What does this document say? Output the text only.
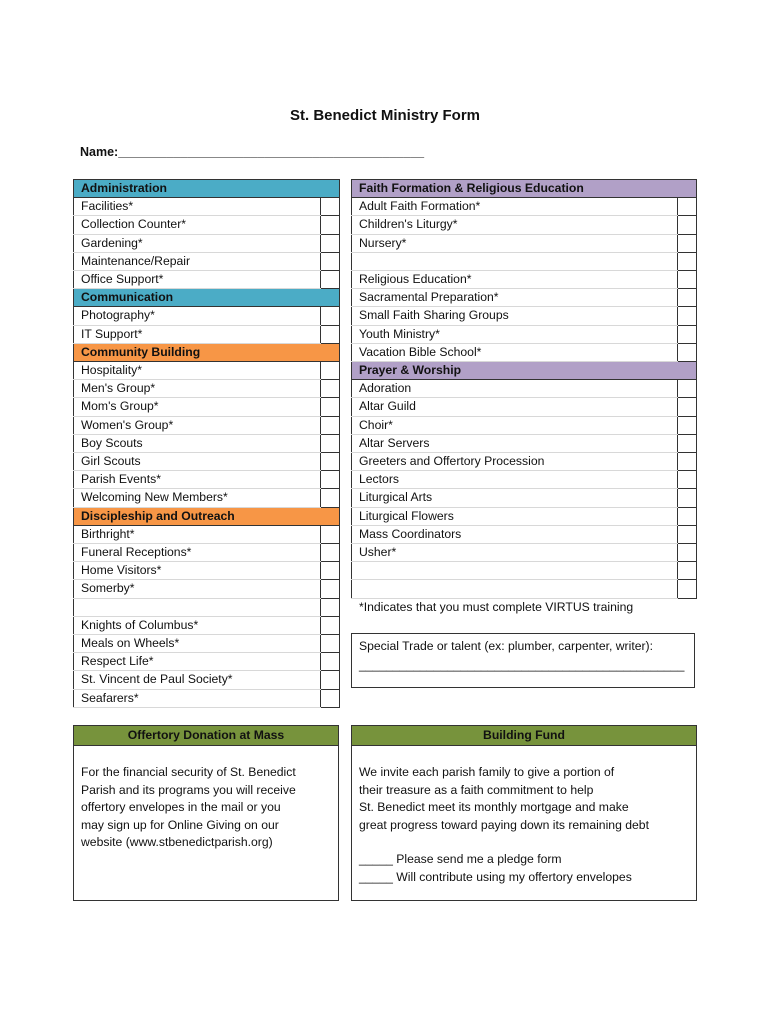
St. Benedict Ministry Form
Name:____________________________________________
Administration	
Facilities*	
Collection Counter*	
Gardening*	
Maintenance/Repair	
Office Support*	
Communication	
Photography*	
IT Support*	
Community Building	
Hospitality*	
Men's Group*	
Mom's Group*	
Women's Group*	
Boy Scouts	
Girl Scouts	
Parish Events*	
Welcoming New Members*	
Discipleship and Outreach	
Birthright*	
Funeral Receptions*	
Home Visitors*	
Somerby*	

Knights of Columbus*	
Meals on Wheels*	
Respect Life*	
St. Vincent de Paul Society*	
Seafarers*	
Faith Formation & Religious Education	
Adult Faith Formation*	
Children's Liturgy*	
Nursery*	

Religious Education*	
Sacramental Preparation*	
Small Faith Sharing Groups	
Youth Ministry*	
Vacation Bible School*	
Prayer & Worship	
Adoration	
Altar Guild	
Choir*	
Altar Servers	
Greeters and Offertory Procession	
Lectors	
Liturgical Arts	
Liturgical Flowers	
Mass Coordinators	
Usher*	

*Indicates that you must complete VIRTUS training
Special Trade or talent (ex: plumber, carpenter, writer):
________________________________________________
Offertory Donation at Mass
For the financial security of St. Benedict
Parish and its programs you will receive
offertory envelopes in the mail or you
may sign up for Online Giving on our
website (www.stbenedictparish.org)
Building Fund
We invite each parish family to give a portion of
their treasure as a faith commitment to help
St. Benedict meet its monthly mortgage and make
great progress toward paying down its remaining debt
_____ Please send me a pledge form
_____ Will contribute using my offertory envelopes
